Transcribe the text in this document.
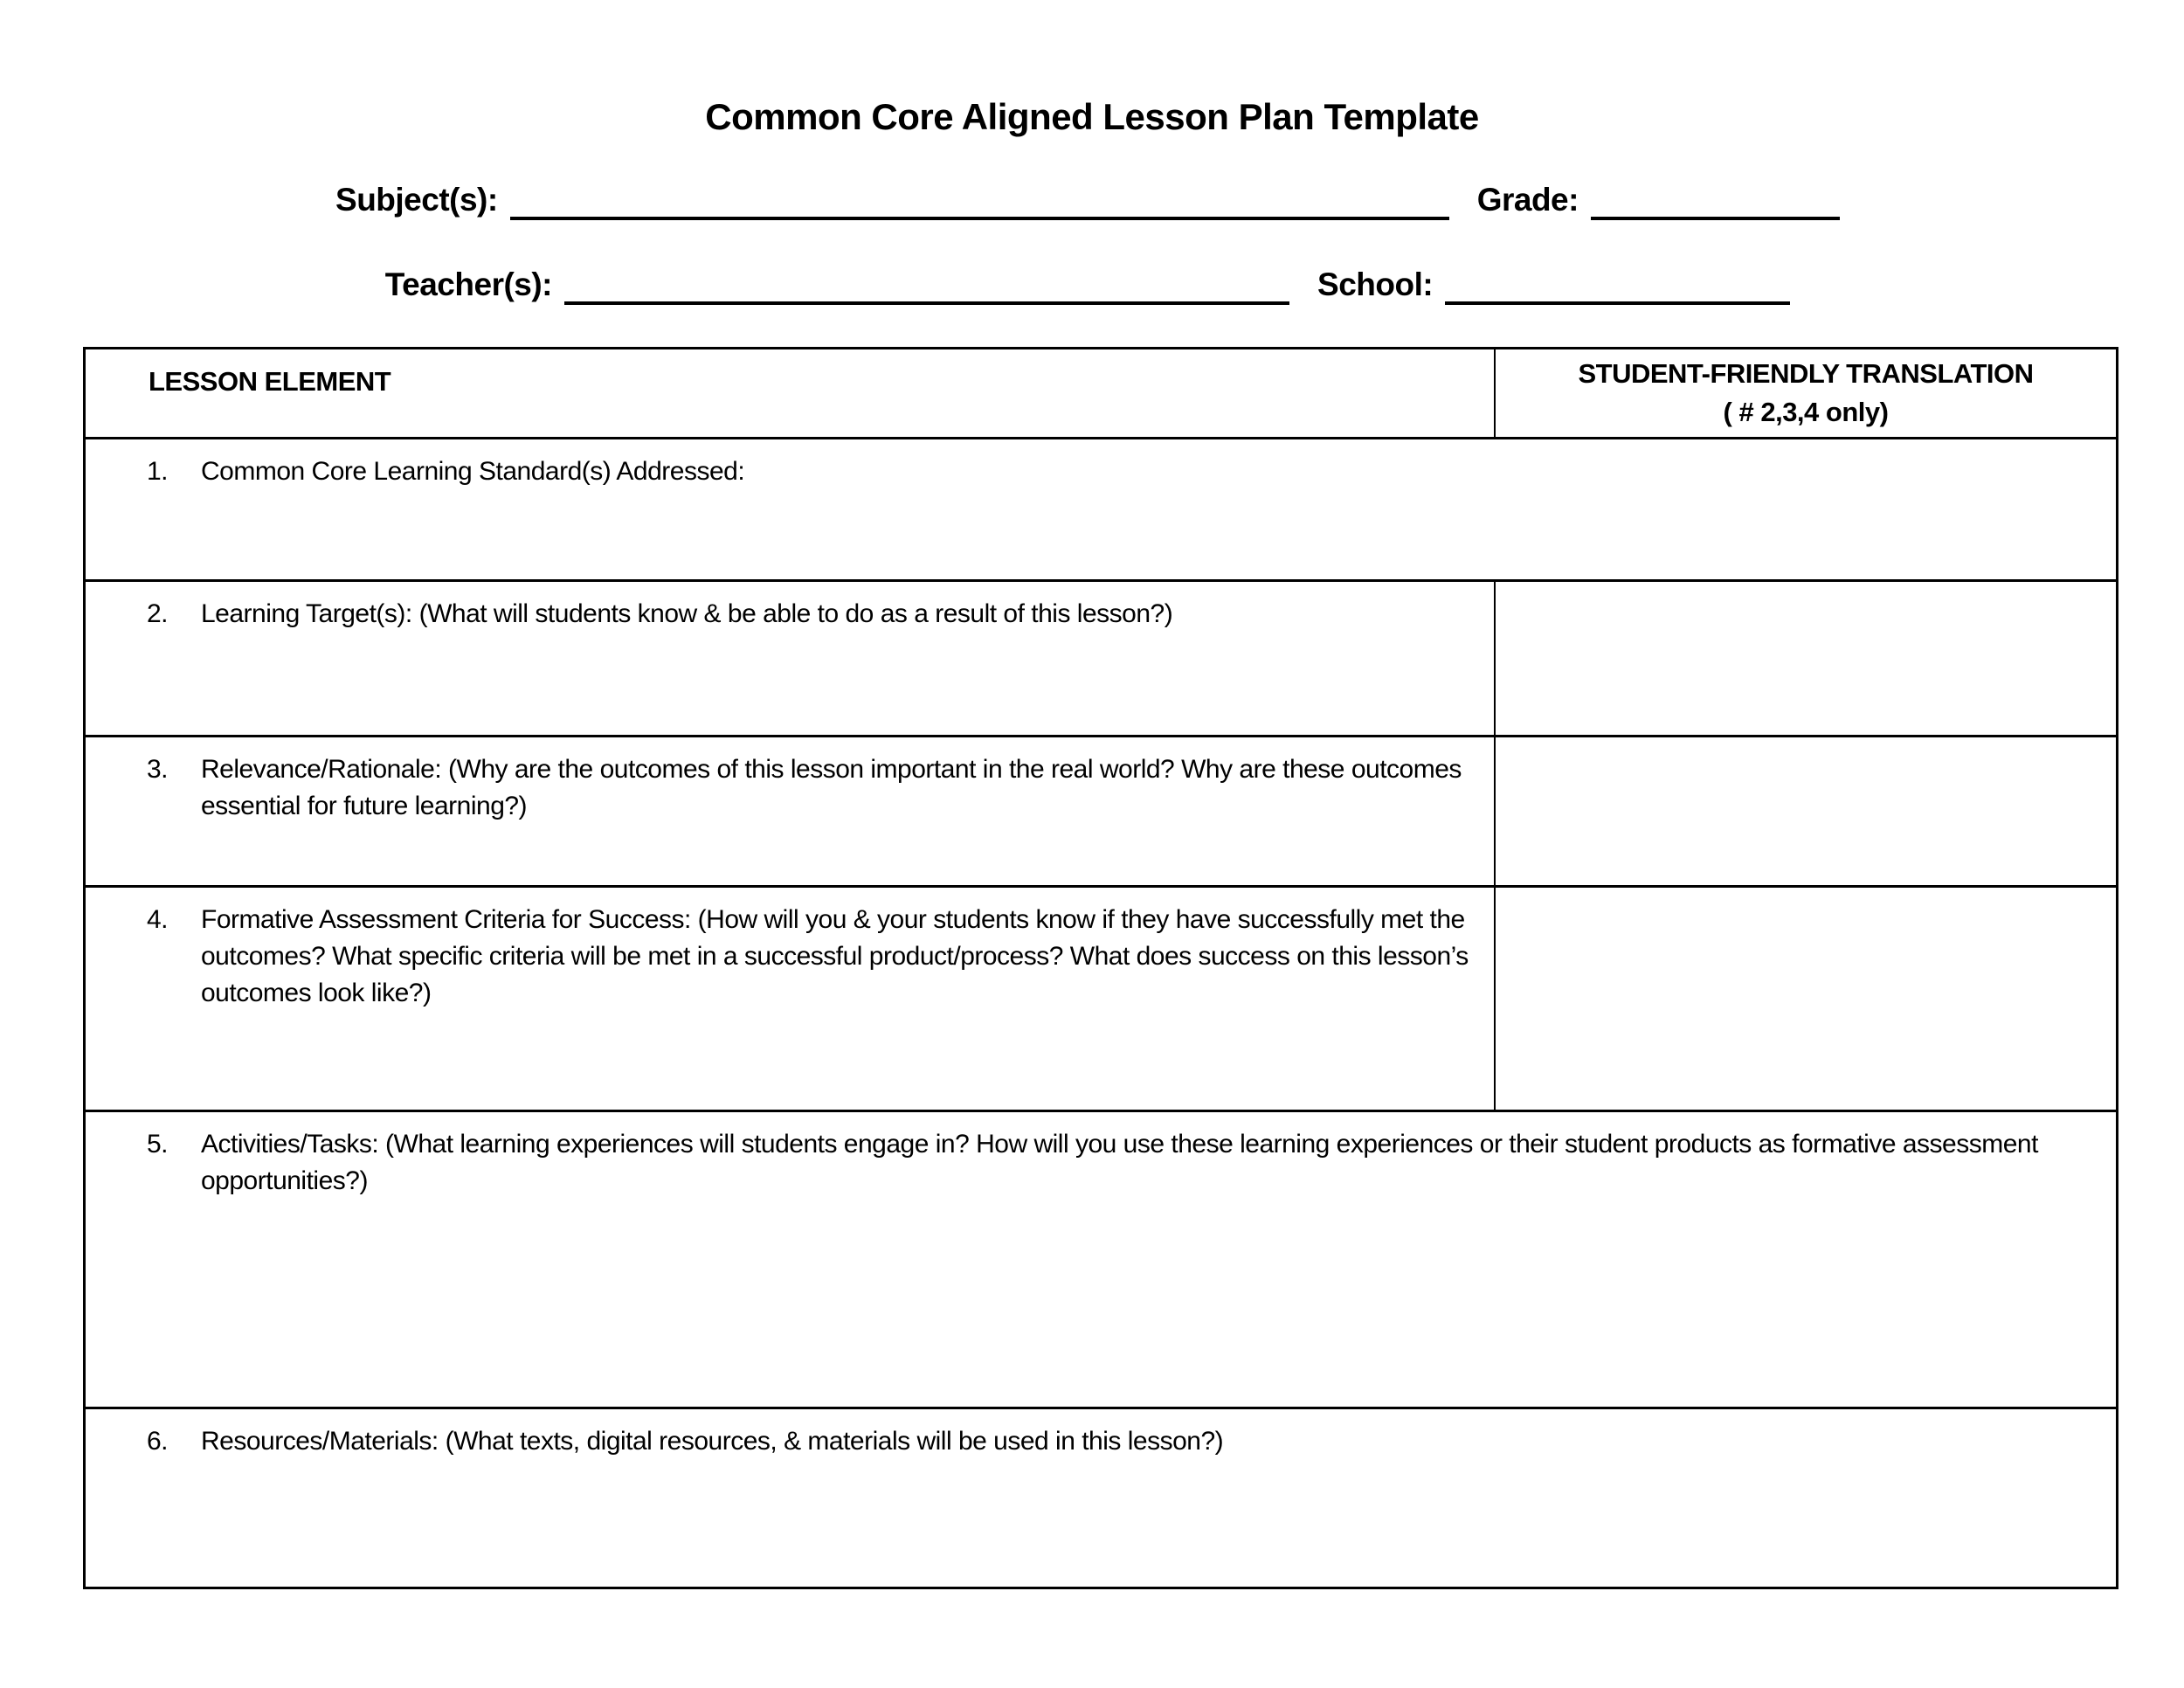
Common Core Aligned Lesson Plan Template
Subject(s):	Grade:
Teacher(s):	School:
LESSON ELEMENT	STUDENT-FRIENDLY TRANSLATION
( # 2,3,4 only)
1.	Common Core Learning Standard(s) Addressed:
2.	Learning Target(s): (What will students know & be able to do as a result of this lesson?)
3.	Relevance/Rationale: (Why are the outcomes of this lesson important in the real world? Why are these outcomes essential for future learning?)
4.	Formative Assessment Criteria for Success: (How will you & your students know if they have successfully met the outcomes? What specific criteria will be met in a successful product/process? What does success on this lesson’s outcomes look like?)
5.	Activities/Tasks: (What learning experiences will students engage in? How will you use these learning experiences or their student products as formative assessment opportunities?)
6.	Resources/Materials: (What texts, digital resources, & materials will be used in this lesson?)
